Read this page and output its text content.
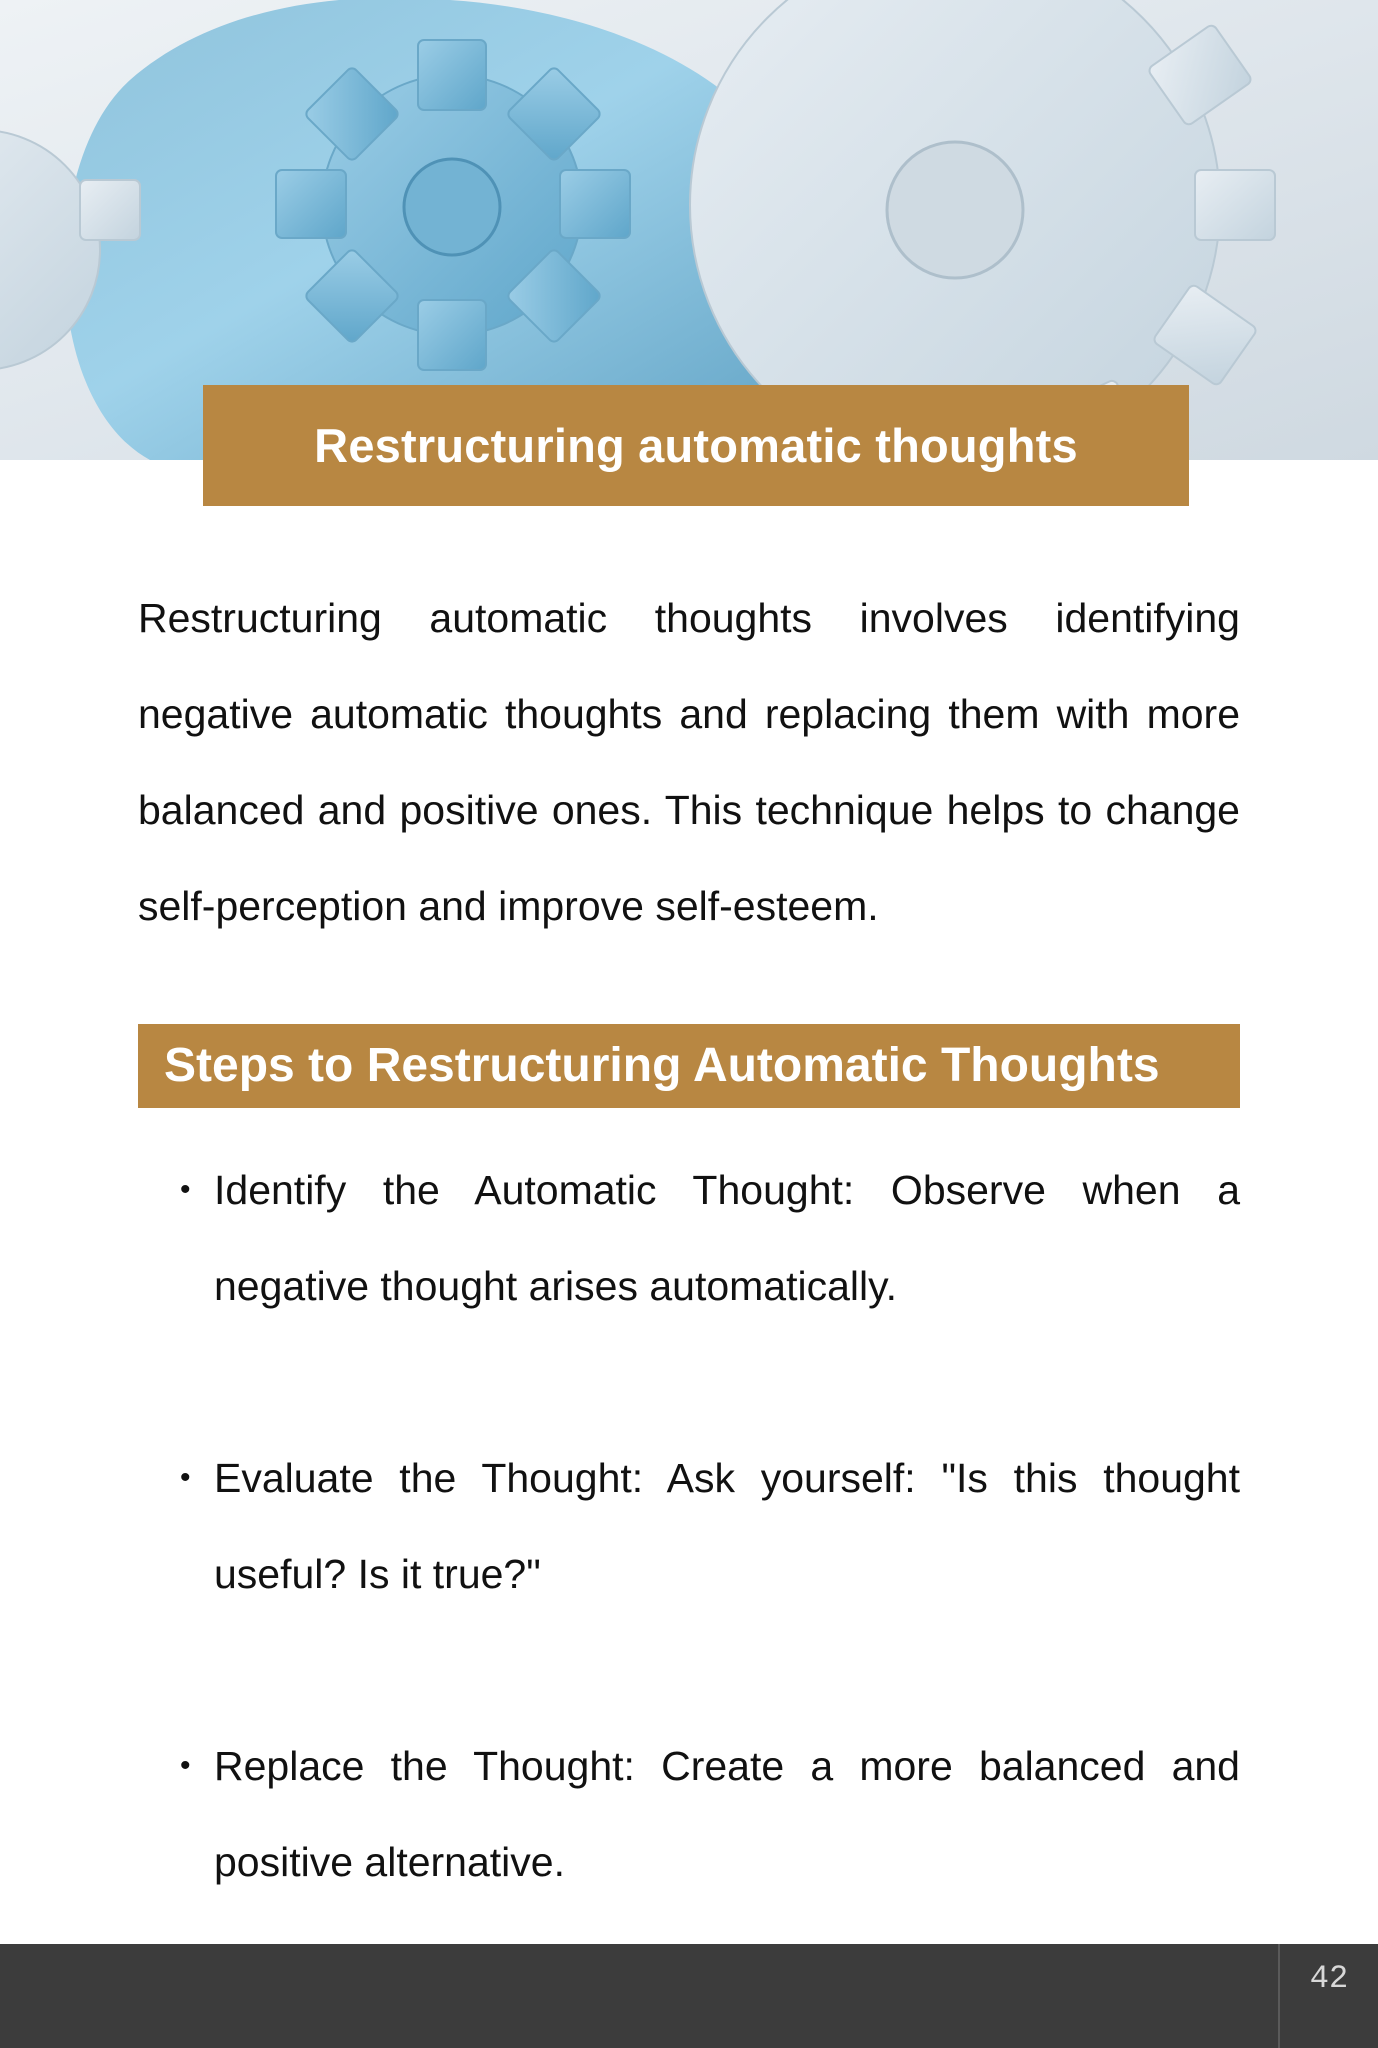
Restructuring automatic thoughts

Restructuring automatic thoughts involves identifying negative automatic thoughts and replacing them with more balanced and positive ones. This technique helps to change self-perception and improve self-esteem.

Steps to Restructuring Automatic Thoughts
• Identify the Automatic Thought: Observe when a negative thought arises automatically.
• Evaluate the Thought: Ask yourself: "Is this thought useful? Is it true?"
• Replace the Thought: Create a more balanced and positive alternative.
42
